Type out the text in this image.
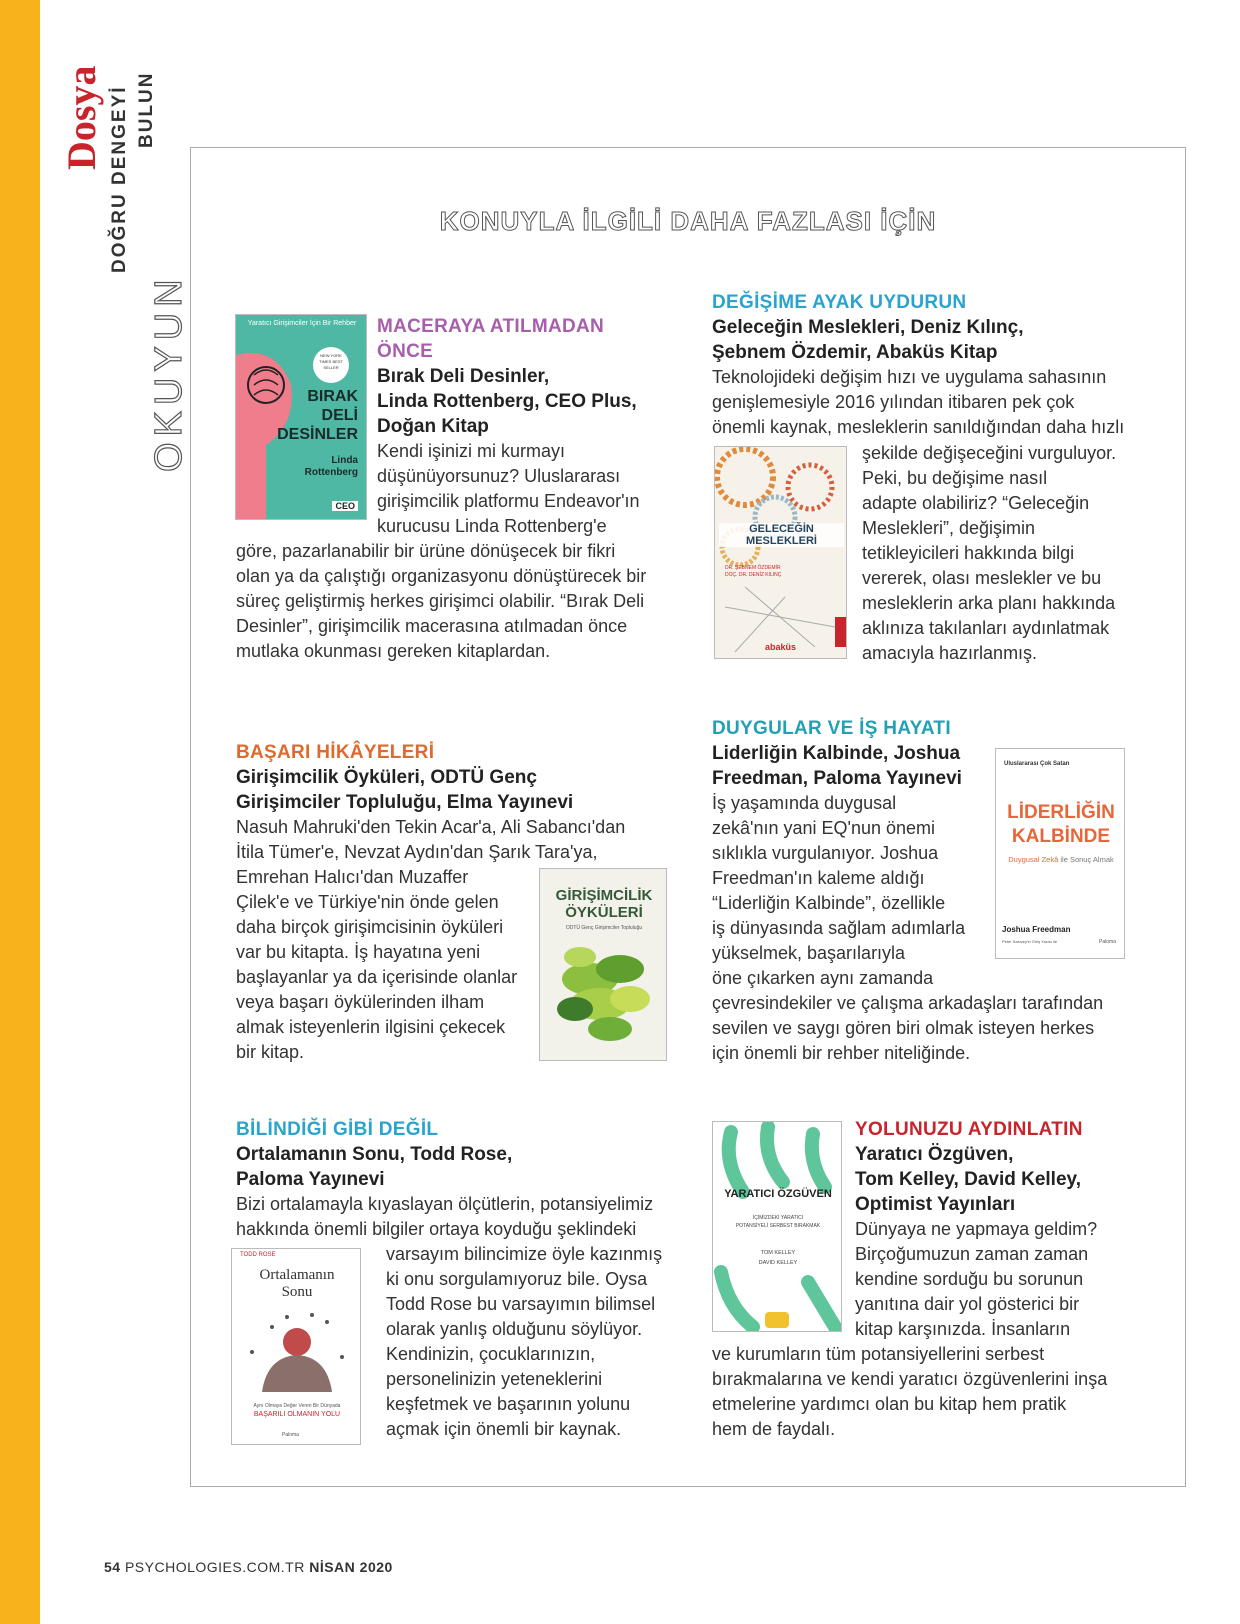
Dosya DOĞRU DENGEYİ BULUN
OKUYUN
KONUYLA İLGİLİ DAHA FAZLASI İÇİN
Yaratıcı Girişimciler İçin Bir Rehber
NEW YORK TIMES BEST SELLER
BIRAK
DELİ
DESİNLER
Linda
Rottenberg
CEO
MACERAYA ATILMADAN
ÖNCE
Bırak Deli Desinler,
Linda Rottenberg, CEO Plus,
Doğan Kitap
Kendi işinizi mi kurmayı
düşünüyorsunuz? Uluslararası
girişimcilik platformu Endeavor'ın
kurucusu Linda Rottenberg'e
göre, pazarlanabilir bir ürüne dönüşecek bir fikri
olan ya da çalıştığı organizasyonu dönüştürecek bir
süreç geliştirmiş herkes girişimci olabilir. “Bırak Deli
Desinler”, girişimcilik macerasına atılmadan önce
mutlaka okunması gereken kitaplardan.
DEĞİŞİME AYAK UYDURUN
Geleceğin Meslekleri, Deniz Kılınç,
Şebnem Özdemir, Abaküs Kitap
Teknolojideki değişim hızı ve uygulama sahasının
genişlemesiyle 2016 yılından itibaren pek çok
önemli kaynak, mesleklerin sanıldığından daha hızlı
GELECEĞİN
MESLEKLERİ
DR. ŞEBNEM ÖZDEMİR
DOÇ. DR. DENİZ KILINÇ
abaküs
şekilde değişeceğini vurguluyor.
Peki, bu değişime nasıl
adapte olabiliriz? “Geleceğin
Meslekleri”, değişimin
tetikleyicileri hakkında bilgi
vererek, olası meslekler ve bu
mesleklerin arka planı hakkında
aklınıza takılanları aydınlatmak
amacıyla hazırlanmış.
BAŞARI HİKÂYELERİ
Girişimcilik Öyküleri, ODTÜ Genç
Girişimciler Topluluğu, Elma Yayınevi
Nasuh Mahruki'den Tekin Acar'a, Ali Sabancı'dan
İtila Tümer'e, Nevzat Aydın'dan Şarık Tara'ya,
Emrehan Halıcı'dan Muzaffer
Çilek'e ve Türkiye'nin önde gelen
daha birçok girişimcisinin öyküleri
var bu kitapta. İş hayatına yeni
başlayanlar ya da içerisinde olanlar
veya başarı öykülerinden ilham
almak isteyenlerin ilgisini çekecek
bir kitap.
GİRİŞİMCİLİK
ÖYKÜLERİ
ODTÜ Genç Girişimciler Topluluğu
DUYGULAR VE İŞ HAYATI
Liderliğin Kalbinde, Joshua
Freedman, Paloma Yayınevi
İş yaşamında duygusal
zekâ'nın yani EQ'nun önemi
sıklıkla vurgulanıyor. Joshua
Freedman'ın kaleme aldığı
“Liderliğin Kalbinde”, özellikle
iş dünyasında sağlam adımlarla
yükselmek, başarılarıyla
öne çıkarken aynı zamanda
çevresindekiler ve çalışma arkadaşları tarafından
sevilen ve saygı gören biri olmak isteyen herkes
için önemli bir rehber niteliğinde.
Uluslararası Çok Satan
LİDERLİĞİN
KALBİNDE
Duygusal Zekâ ile Sonuç Almak
Joshua Freedman
Peter Salovey'in Giriş Yazısı ile	Paloma
BİLİNDİĞİ GİBİ DEĞİL
Ortalamanın Sonu, Todd Rose,
Paloma Yayınevi
Bizi ortalamayla kıyaslayan ölçütlerin, potansiyelimiz
hakkında önemli bilgiler ortaya koyduğu şeklindeki
TODD ROSE
Ortalamanın
Sonu
Aynı Olmaya Değer Veren Bir Dünyada
BAŞARILI OLMANIN YOLU
Paloma
varsayım bilincimize öyle kazınmış
ki onu sorgulamıyoruz bile. Oysa
Todd Rose bu varsayımın bilimsel
olarak yanlış olduğunu söylüyor.
Kendinizin, çocuklarınızın,
personelinizin yeteneklerini
keşfetmek ve başarının yolunu
açmak için önemli bir kaynak.
YARATICI ÖZGÜVEN
İÇİMİZDEKİ YARATICI
POTANSİYELİ SERBEST BIRAKMAK
TOM KELLEY
DAVID KELLEY
YOLUNUZU AYDINLATIN
Yaratıcı Özgüven,
Tom Kelley, David Kelley,
Optimist Yayınları
Dünyaya ne yapmaya geldim?
Birçoğumuzun zaman zaman
kendine sorduğu bu sorunun
yanıtına dair yol gösterici bir
kitap karşınızda. İnsanların
ve kurumların tüm potansiyellerini serbest
bırakmalarına ve kendi yaratıcı özgüvenlerini inşa
etmelerine yardımcı olan bu kitap hem pratik
hem de faydalı.
54 PSYCHOLOGIES.COM.TR NİSAN 2020
